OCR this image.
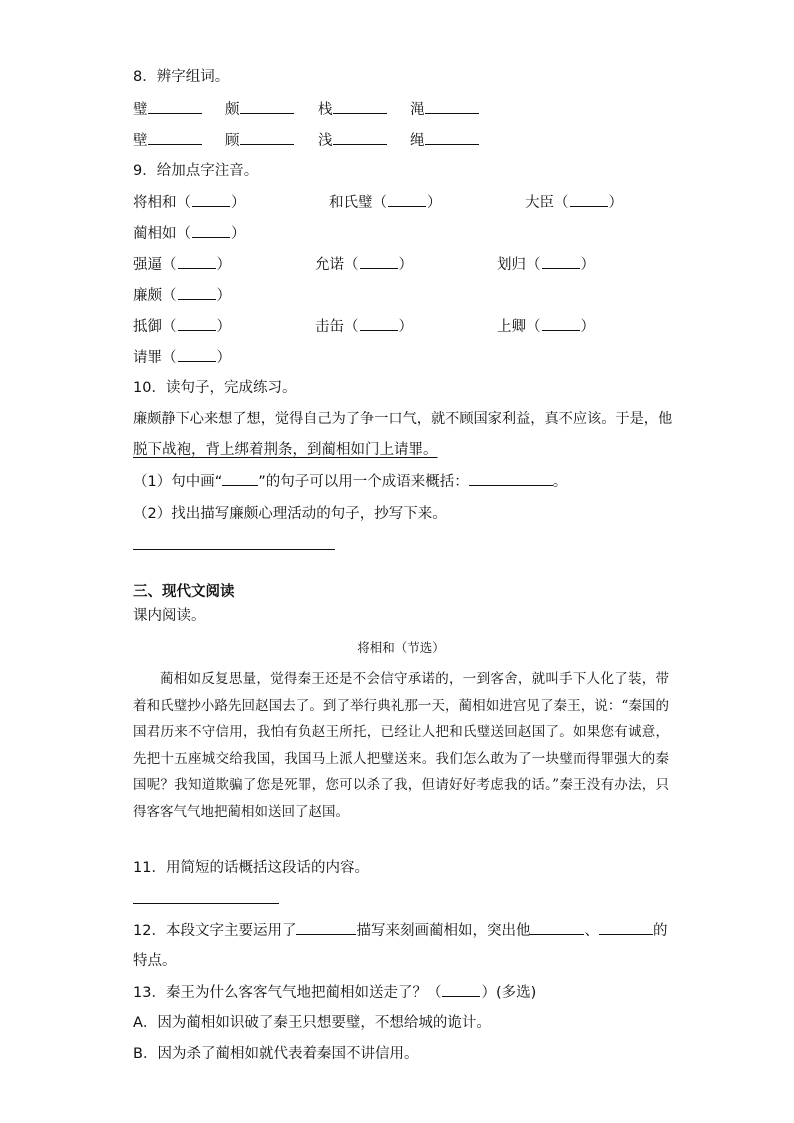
8．辨字组词。
璧	颇	栈	渑
壁	顾	浅	绳
9．给加点字注音。
将相和（	）	和氏璧（	）	大臣（	）
蔺相如（	）
强逼（	）	允诺（	）	划归（	）
廉颇（	）
抵御（	）	击缶（	）	上卿（	）
请罪（	）
10．读句子，完成练习。
廉颇静下心来想了想，觉得自己为了争一口气，就不顾国家利益，真不应该。于是，他
脱下战袍，背上绑着荆条，到蔺相如门上请罪。
（1）句中画“ ”的句子可以用一个成语来概括：	。
（2）找出描写廉颇心理活动的句子，抄写下来。
三、现代文阅读
课内阅读。
将相和（节选）
蔺相如反复思量，觉得秦王还是不会信守承诺的，一到客舍，就叫手下人化了装，带着和氏璧抄小路先回赵国去了。到了举行典礼那一天，蔺相如进宫见了秦王，说：“秦国的国君历来不守信用，我怕有负赵王所托，已经让人把和氏璧送回赵国了。如果您有诚意，先把十五座城交给我国，我国马上派人把璧送来。我们怎么敢为了一块璧而得罪强大的秦国呢？我知道欺骗了您是死罪，您可以杀了我，但请好好考虑我的话。”秦王没有办法，只得客客气气地把蔺相如送回了赵国。
11．用简短的话概括这段话的内容。
12．本段文字主要运用了	描写来刻画蔺相如，突出他	、	的
特点。
13．秦王为什么客客气气地把蔺相如送走了？（	）(多选)
A．因为蔺相如识破了秦王只想要璧，不想给城的诡计。
B．因为杀了蔺相如就代表着秦国不讲信用。
